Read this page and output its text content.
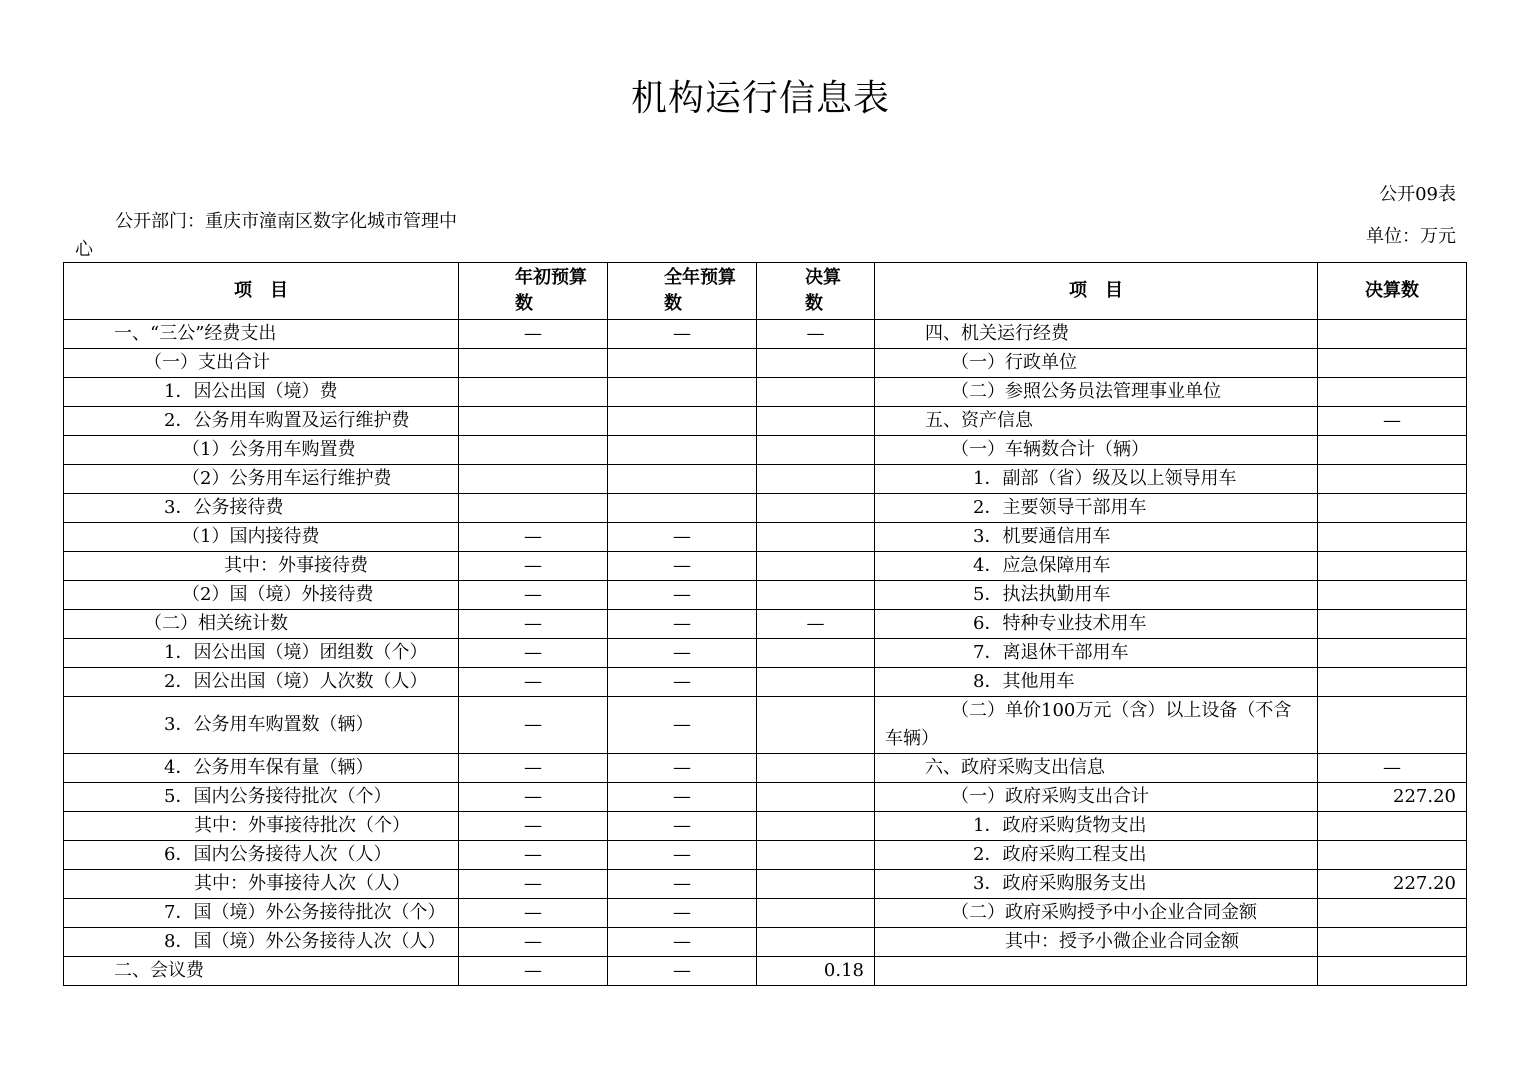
机构运行信息表
公开09表
公开部门：重庆市潼南区数字化城市管理中心
单位：万元
项　目	年初预算数	全年预算数	决算数	项　目	决算数
一、“三公”经费支出	—	—	—	四、机关运行经费	
（一）支出合计				（一）行政单位	
1．因公出国（境）费				（二）参照公务员法管理事业单位	
2．公务用车购置及运行维护费				五、资产信息	—
（1）公务用车购置费				（一）车辆数合计（辆）	
（2）公务用车运行维护费				1．副部（省）级及以上领导用车	
3．公务接待费				2．主要领导干部用车	
（1）国内接待费	—	—		3．机要通信用车	
其中：外事接待费	—	—		4．应急保障用车	
（2）国（境）外接待费	—	—		5．执法执勤用车	
（二）相关统计数	—	—	—	6．特种专业技术用车	
1．因公出国（境）团组数（个）	—	—		7．离退休干部用车	
2．因公出国（境）人次数（人）	—	—		8．其他用车	
3．公务用车购置数（辆）	—	—		（二）单价100万元（含）以上设备（不含车辆）	
4．公务用车保有量（辆）	—	—		六、政府采购支出信息	—
5．国内公务接待批次（个）	—	—		（一）政府采购支出合计	227.20
其中：外事接待批次（个）	—	—		1．政府采购货物支出	
6．国内公务接待人次（人）	—	—		2．政府采购工程支出	
其中：外事接待人次（人）	—	—		3．政府采购服务支出	227.20
7．国（境）外公务接待批次（个）	—	—		（二）政府采购授予中小企业合同金额	
8．国（境）外公务接待人次（人）	—	—		其中：授予小微企业合同金额	
二、会议费	—	—	0.18		
